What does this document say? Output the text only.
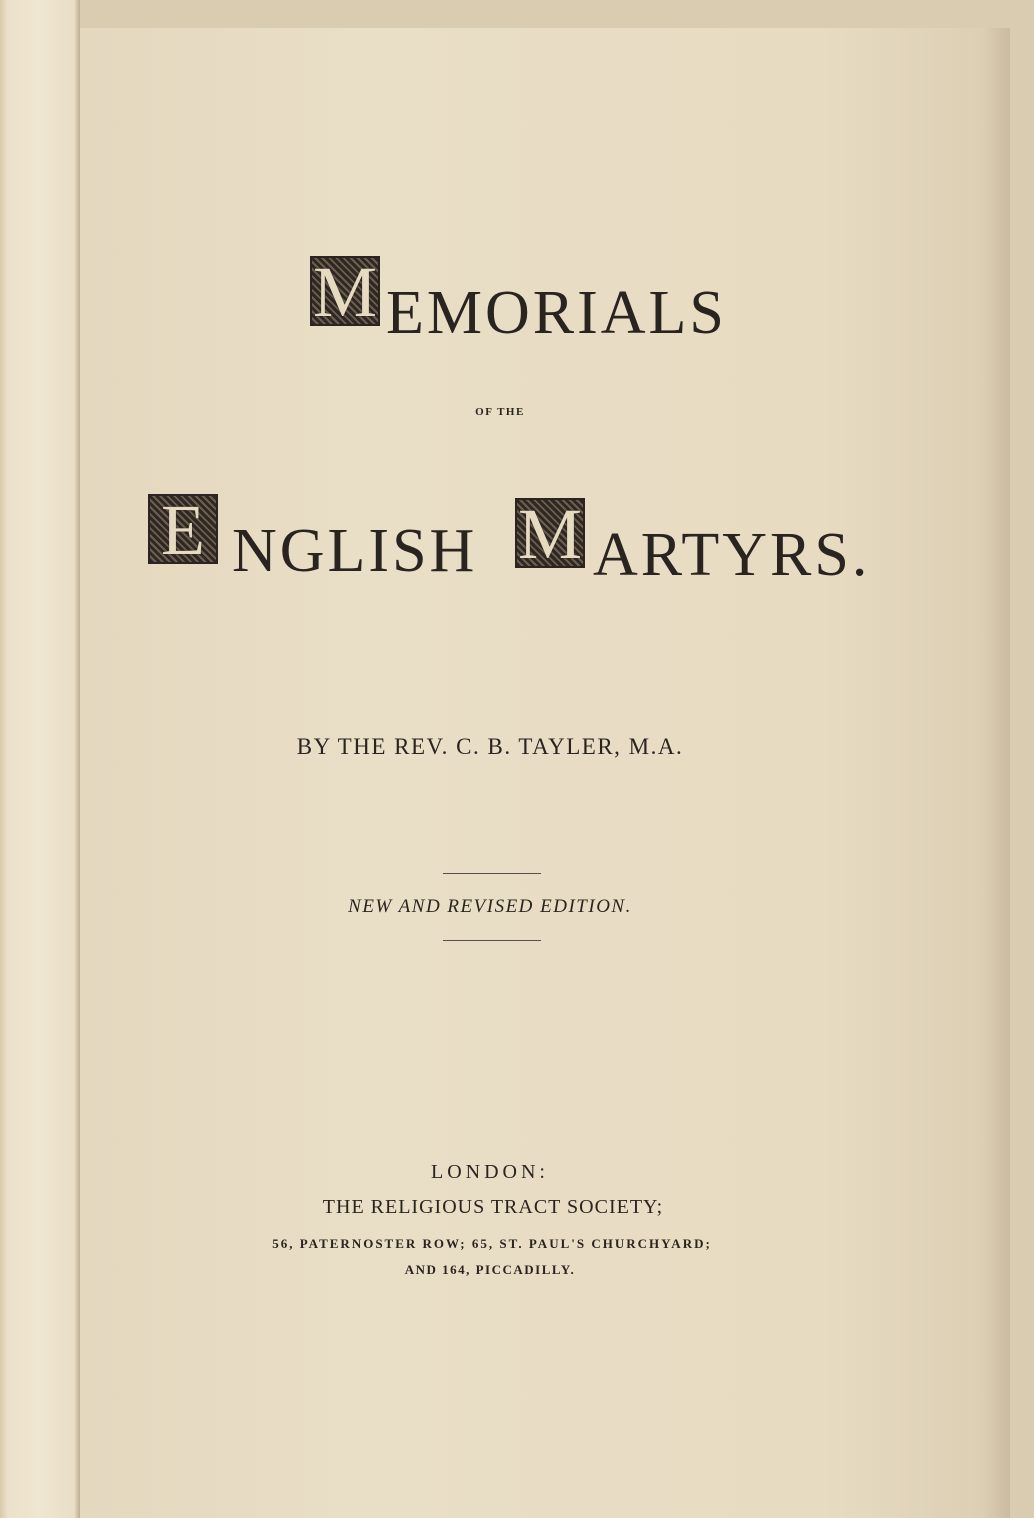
M EMORIALS
OF THE
E NGLISH M ARTYRS.
BY THE REV. C. B. TAYLER, M.A.
NEW AND REVISED EDITION.
LONDON:
THE RELIGIOUS TRACT SOCIETY;
56, PATERNOSTER ROW; 65, ST. PAUL'S CHURCHYARD;
AND 164, PICCADILLY.
